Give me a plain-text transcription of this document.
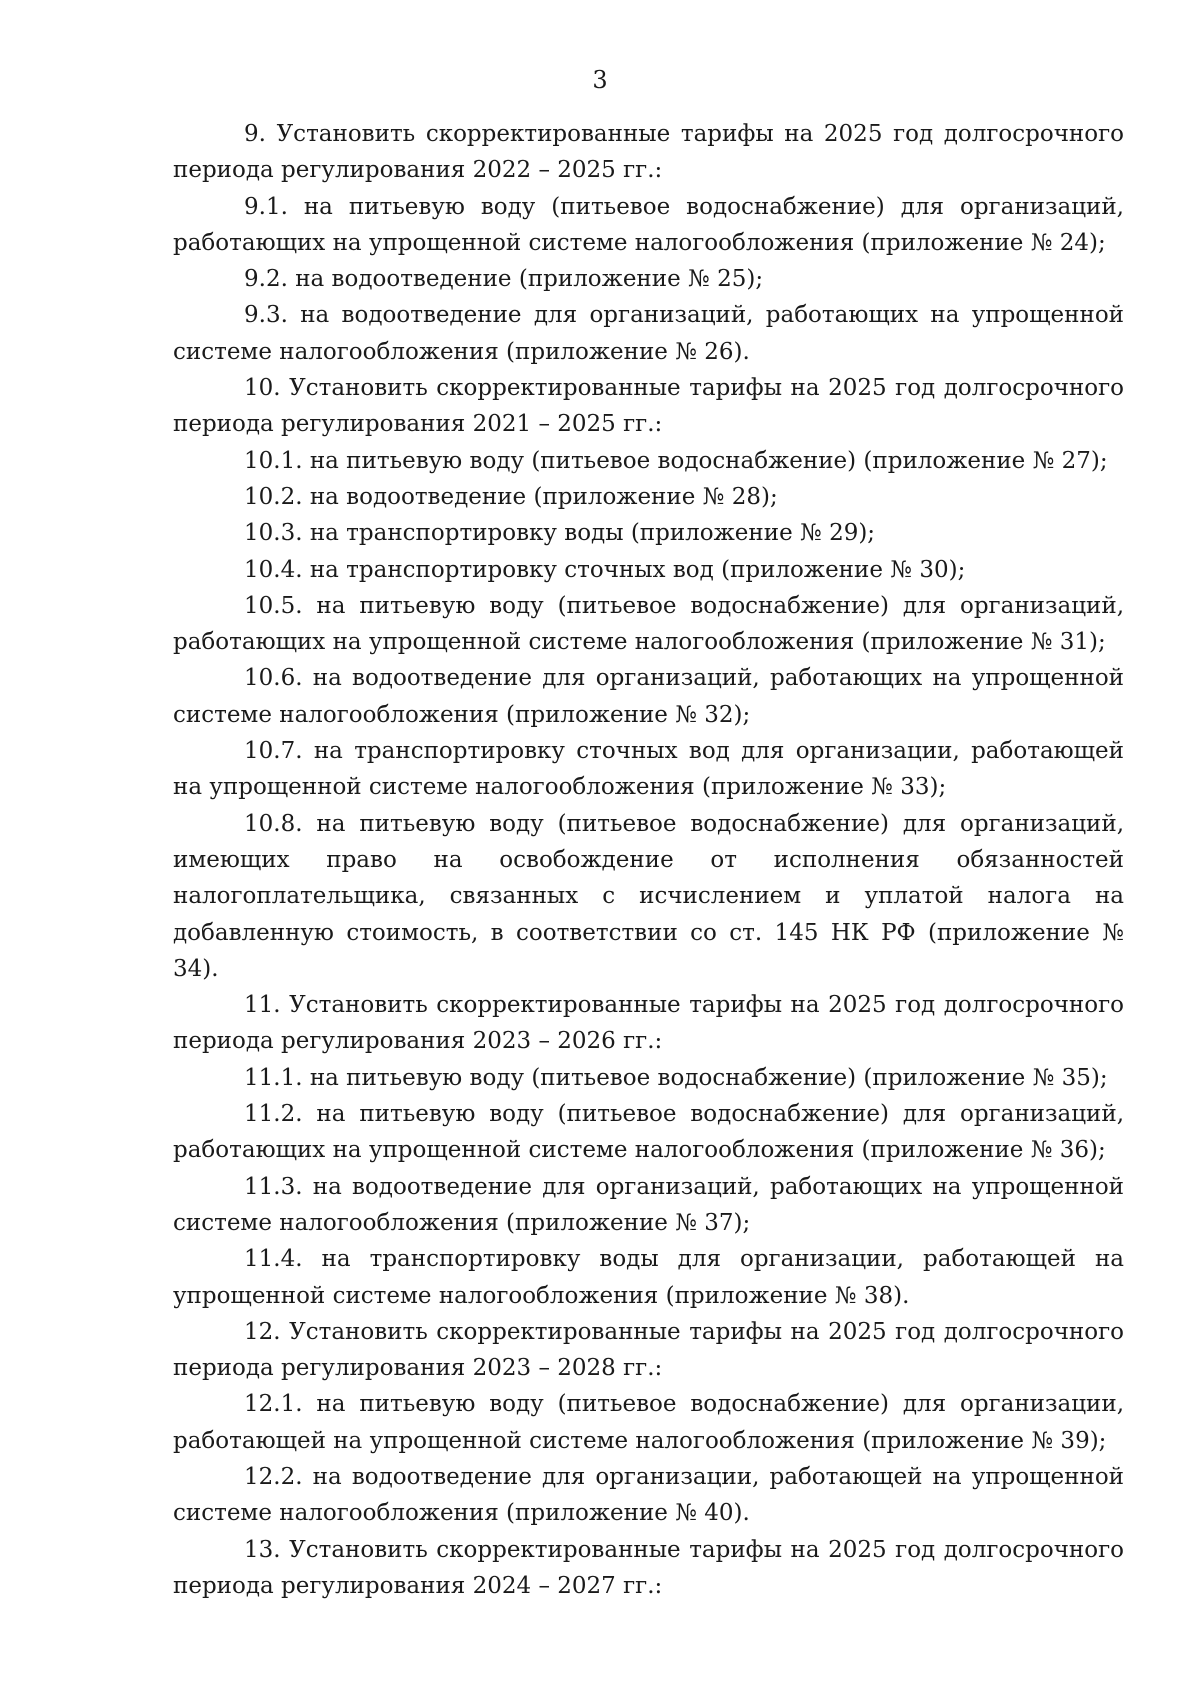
3

9. Установить скорректированные тарифы на 2025 год долгосрочного периода регулирования 2022 – 2025 гг.:

9.1. на питьевую воду (питьевое водоснабжение) для организаций, работающих на упрощенной системе налогообложения (приложение № 24);

9.2. на водоотведение (приложение № 25);

9.3. на водоотведение для организаций, работающих на упрощенной системе налогообложения (приложение № 26).

10. Установить скорректированные тарифы на 2025 год долгосрочного периода регулирования 2021 – 2025 гг.:

10.1. на питьевую воду (питьевое водоснабжение) (приложение № 27);

10.2. на водоотведение (приложение № 28);

10.3. на транспортировку воды (приложение № 29);

10.4. на транспортировку сточных вод (приложение № 30);

10.5. на питьевую воду (питьевое водоснабжение) для организаций, работающих на упрощенной системе налогообложения (приложение № 31);

10.6. на водоотведение для организаций, работающих на упрощенной системе налогообложения (приложение № 32);

10.7. на транспортировку сточных вод для организации, работающей на упрощенной системе налогообложения (приложение № 33);

10.8. на питьевую воду (питьевое водоснабжение) для организаций, имеющих право на освобождение от исполнения обязанностей налогоплательщика, связанных с исчислением и уплатой налога на добавленную стоимость, в соответствии со ст. 145 НК РФ (приложение № 34).

11. Установить скорректированные тарифы на 2025 год долгосрочного периода регулирования 2023 – 2026 гг.:

11.1. на питьевую воду (питьевое водоснабжение) (приложение № 35);

11.2. на питьевую воду (питьевое водоснабжение) для организаций, работающих на упрощенной системе налогообложения (приложение № 36);

11.3. на водоотведение для организаций, работающих на упрощенной системе налогообложения (приложение № 37);

11.4. на транспортировку воды для организации, работающей на упрощенной системе налогообложения (приложение № 38).

12. Установить скорректированные тарифы на 2025 год долгосрочного периода регулирования 2023 – 2028 гг.:

12.1. на питьевую воду (питьевое водоснабжение) для организации, работающей на упрощенной системе налогообложения (приложение № 39);

12.2. на водоотведение для организации, работающей на упрощенной системе налогообложения (приложение № 40).

13. Установить скорректированные тарифы на 2025 год долгосрочного периода регулирования 2024 – 2027 гг.:
